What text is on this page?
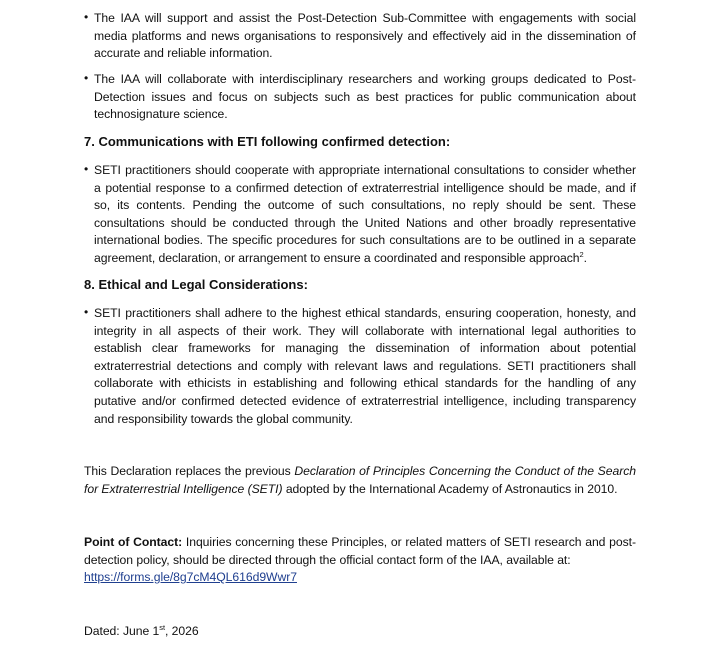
• The IAA will support and assist the Post-Detection Sub-Committee with engagements with social media platforms and news organisations to responsively and effectively aid in the dissemination of accurate and reliable information.
• The IAA will collaborate with interdisciplinary researchers and working groups dedicated to Post-Detection issues and focus on subjects such as best practices for public communication about technosignature science.
7. Communications with ETI following confirmed detection:
• SETI practitioners should cooperate with appropriate international consultations to consider whether a potential response to a confirmed detection of extraterrestrial intelligence should be made, and if so, its contents. Pending the outcome of such consultations, no reply should be sent. These consultations should be conducted through the United Nations and other broadly representative international bodies. The specific procedures for such consultations are to be outlined in a separate agreement, declaration, or arrangement to ensure a coordinated and responsible approach$^2$.
8. Ethical and Legal Considerations:
• SETI practitioners shall adhere to the highest ethical standards, ensuring cooperation, honesty, and integrity in all aspects of their work. They will collaborate with international legal authorities to establish clear frameworks for managing the dissemination of information about potential extraterrestrial detections and comply with relevant laws and regulations. SETI practitioners shall collaborate with ethicists in establishing and following ethical standards for the handling of any putative and/or confirmed detected evidence of extraterrestrial intelligence, including transparency and responsibility towards the global community.
This Declaration replaces the previous Declaration of Principles Concerning the Conduct of the Search for Extraterrestrial Intelligence (SETI) adopted by the International Academy of Astronautics in 2010.
Point of Contact: Inquiries concerning these Principles, or related matters of SETI research and post-detection policy, should be directed through the official contact form of the IAA, available at:
https://forms.gle/8g7cM4QL616d9Wwr7
Dated: June 1st, 2026
